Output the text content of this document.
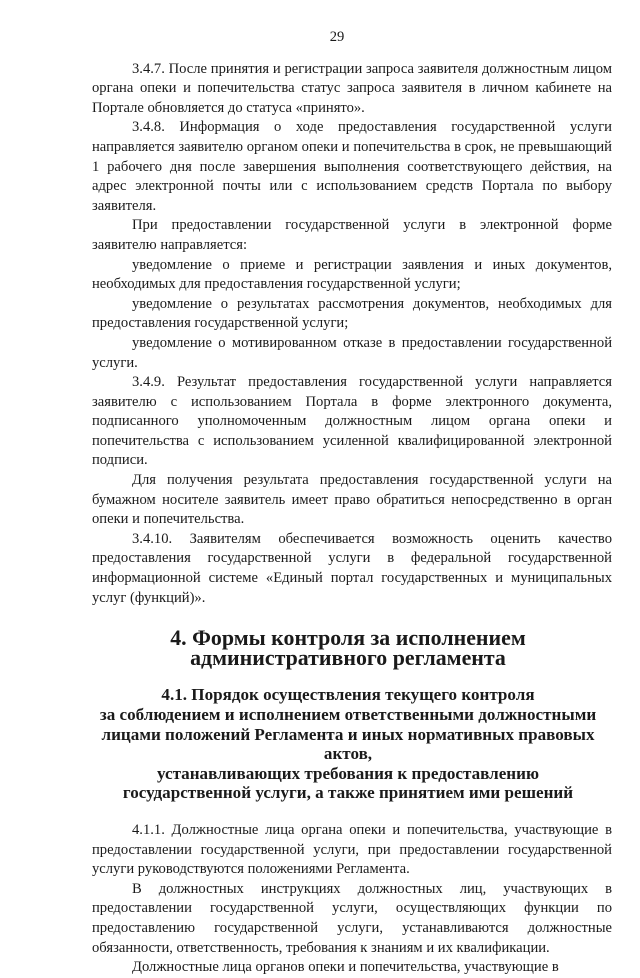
29

3.4.7. После принятия и регистрации запроса заявителя должностным лицом органа опеки и попечительства статус запроса заявителя в личном кабинете на Портале обновляется до статуса «принято».

3.4.8. Информация о ходе предоставления государственной услуги направляется заявителю органом опеки и попечительства в срок, не превышающий 1 рабочего дня после завершения выполнения соответствующего действия, на адрес электронной почты или с использованием средств Портала по выбору заявителя.

При предоставлении государственной услуги в электронной форме заявителю направляется:

уведомление о приеме и регистрации заявления и иных документов, необходимых для предоставления государственной услуги;

уведомление о результатах рассмотрения документов, необходимых для предоставления государственной услуги;

уведомление о мотивированном отказе в предоставлении государственной услуги.

3.4.9. Результат предоставления государственной услуги направляется заявителю с использованием Портала в форме электронного документа, подписанного уполномоченным должностным лицом органа опеки и попечительства с использованием усиленной квалифицированной электронной подписи.

Для получения результата предоставления государственной услуги на бумажном носителе заявитель имеет право обратиться непосредственно в орган опеки и попечительства.

3.4.10. Заявителям обеспечивается возможность оценить качество предоставления государственной услуги в федеральной государственной информационной системе «Единый портал государственных и муниципальных услуг (функций)».

4. Формы контроля за исполнением административного регламента
4.1. Порядок осуществления текущего контроля
за соблюдением и исполнением ответственными должностными
лицами положений Регламента и иных нормативных правовых актов,
устанавливающих требования к предоставлению
государственной услуги, а также принятием ими решений

4.1.1. Должностные лица органа опеки и попечительства, участвующие в предоставлении государственной услуги, при предоставлении государственной услуги руководствуются положениями Регламента.

В должностных инструкциях должностных лиц, участвующих в предоставлении государственной услуги, осуществляющих функции по предоставлению государственной услуги, устанавливаются должностные обязанности, ответственность, требования к знаниям и их квалификации.

Должностные лица органов опеки и попечительства, участвующие в
